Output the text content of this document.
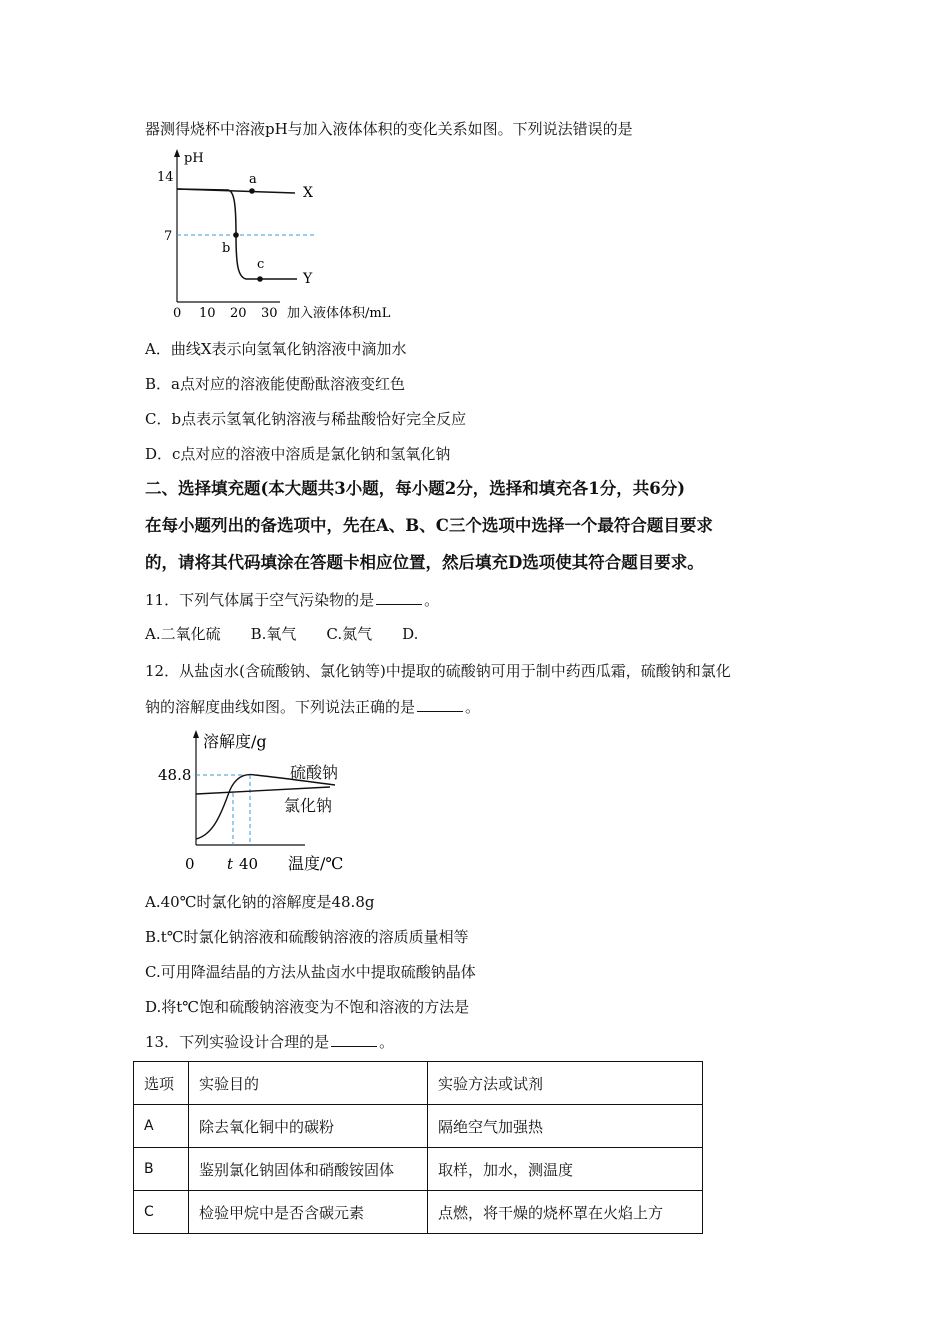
器测得烧杯中溶液pH与加入液体体积的变化关系如图。下列说法错误的是
pH
14
7
a
b
c
X
Y
0 10 20 30 加入液体体积/mL
A．曲线X表示向氢氧化钠溶液中滴加水
B．a点对应的溶液能使酚酞溶液变红色
C．b点表示氢氧化钠溶液与稀盐酸恰好完全反应
D．c点对应的溶液中溶质是氯化钠和氢氧化钠
二、选择填充题(本大题共3小题，每小题2分，选择和填充各1分，共6分)
在每小题列出的备选项中，先在A、B、C三个选项中选择一个最符合题目要求
的，请将其代码填涂在答题卡相应位置，然后填充D选项使其符合题目要求。
11．下列气体属于空气污染物的是	。
A.二氧化硫 B.氧气 C.氮气 D.
12．从盐卤水(含硫酸钠、氯化钠等)中提取的硫酸钠可用于制中药西瓜霜，硫酸钠和氯化
钠的溶解度曲线如图。下列说法正确的是	。
溶解度/g
48.8
0 t 40 温度/℃
硫酸钠
氯化钠
A.40℃时氯化钠的溶解度是48.8g
B.t℃时氯化钠溶液和硫酸钠溶液的溶质质量相等
C.可用降温结晶的方法从盐卤水中提取硫酸钠晶体
D.将t℃饱和硫酸钠溶液变为不饱和溶液的方法是
13．下列实验设计合理的是	。
选项	实验目的	实验方法或试剂
A	除去氧化铜中的碳粉	隔绝空气加强热
B	鉴别氯化钠固体和硝酸铵固体	取样，加水，测温度
C	检验甲烷中是否含碳元素	点燃，将干燥的烧杯罩在火焰上方
